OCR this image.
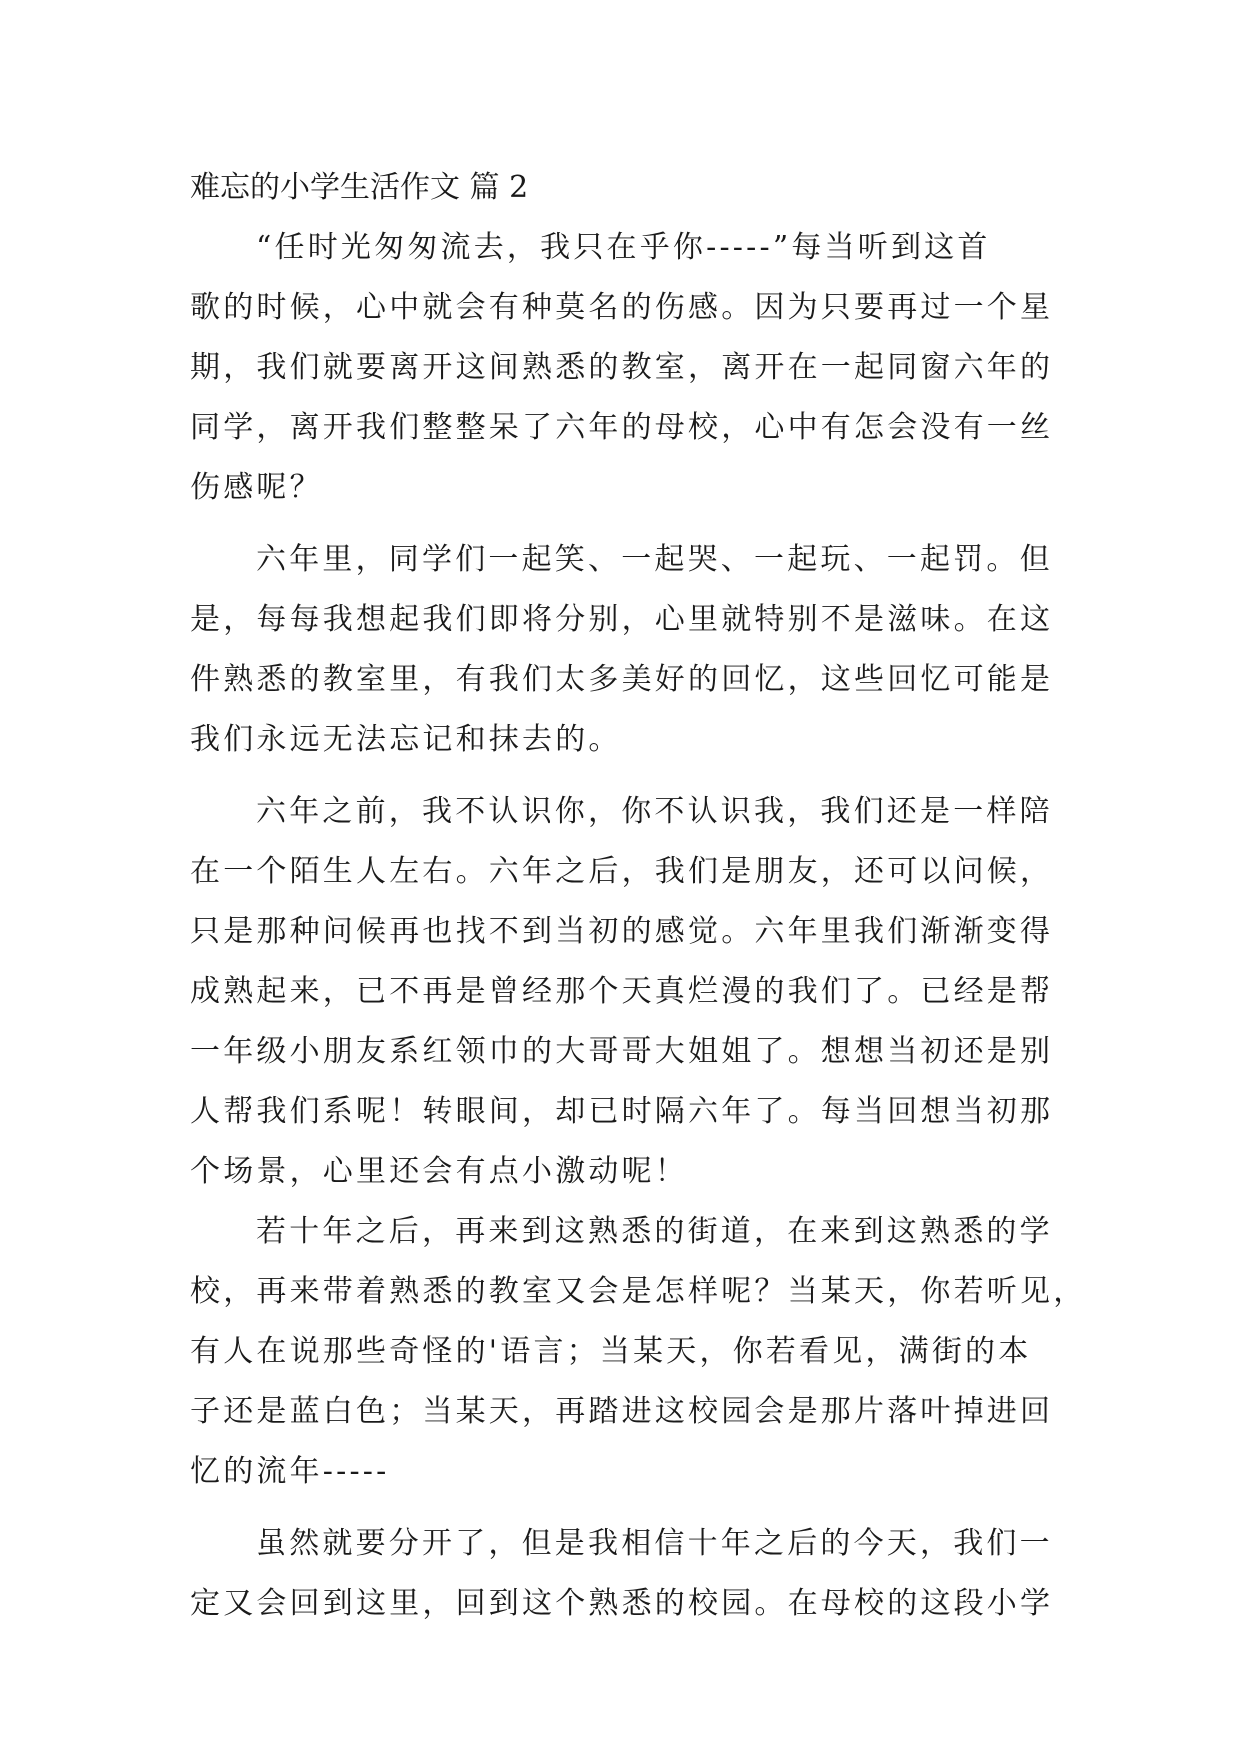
难忘的小学生活作文 篇 2
“任时光匆匆流去，我只在乎你-----”每当听到这首
歌的时候，心中就会有种莫名的伤感。因为只要再过一个星
期，我们就要离开这间熟悉的教室，离开在一起同窗六年的
同学，离开我们整整呆了六年的母校，心中有怎会没有一丝
伤感呢？
六年里，同学们一起笑、一起哭、一起玩、一起罚。但
是，每每我想起我们即将分别，心里就特别不是滋味。在这
件熟悉的教室里，有我们太多美好的回忆，这些回忆可能是
我们永远无法忘记和抹去的。
六年之前，我不认识你，你不认识我，我们还是一样陪
在一个陌生人左右。六年之后，我们是朋友，还可以问候，
只是那种问候再也找不到当初的感觉。六年里我们渐渐变得
成熟起来，已不再是曾经那个天真烂漫的我们了。已经是帮
一年级小朋友系红领巾的大哥哥大姐姐了。想想当初还是别
人帮我们系呢！转眼间，却已时隔六年了。每当回想当初那
个场景，心里还会有点小激动呢！
若十年之后，再来到这熟悉的街道，在来到这熟悉的学
校，再来带着熟悉的教室又会是怎样呢？当某天，你若听见，
有人在说那些奇怪的'语言；当某天，你若看见，满街的本
子还是蓝白色；当某天，再踏进这校园会是那片落叶掉进回
忆的流年-----
虽然就要分开了，但是我相信十年之后的今天，我们一
定又会回到这里，回到这个熟悉的校园。在母校的这段小学
